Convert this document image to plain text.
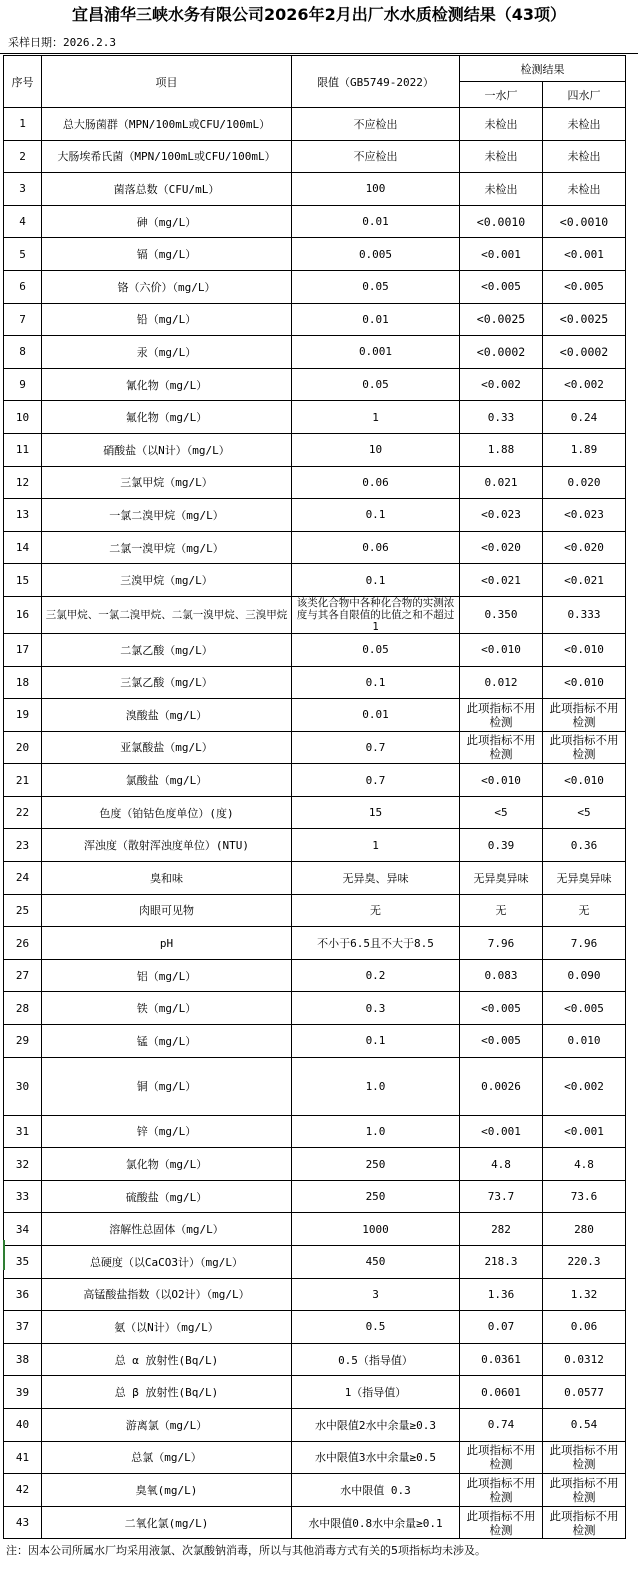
宜昌浦华三峡水务有限公司2026年2月出厂水水质检测结果（43项）
采样日期：2026.2.3
序号	项目	限值（GB5749-2022）	检测结果	
			一水厂	四水厂
1	总大肠菌群（MPN/100mL或CFU/100mL）	不应检出	未检出	未检出
2	大肠埃希氏菌（MPN/100mL或CFU/100mL）	不应检出	未检出	未检出
3	菌落总数（CFU/mL）	100	未检出	未检出
4	砷（mg/L）	0.01	<0.0010	<0.0010
5	镉（mg/L）	0.005	<0.001	<0.001
6	铬（六价）（mg/L）	0.05	<0.005	<0.005
7	铅（mg/L）	0.01	<0.0025	<0.0025
8	汞（mg/L）	0.001	<0.0002	<0.0002
9	氰化物（mg/L）	0.05	<0.002	<0.002
10	氟化物（mg/L）	1	0.33	0.24
11	硝酸盐（以N计）（mg/L）	10	1.88	1.89
12	三氯甲烷（mg/L）	0.06	0.021	0.020
13	一氯二溴甲烷（mg/L）	0.1	<0.023	<0.023
14	二氯一溴甲烷（mg/L）	0.06	<0.020	<0.020
15	三溴甲烷（mg/L）	0.1	<0.021	<0.021
16	三氯甲烷、一氯二溴甲烷、二氯一溴甲烷、三溴甲烷	该类化合物中各种化合物的实测浓度与其各自限值的比值之和不超过1	0.350	0.333
17	二氯乙酸（mg/L）	0.05	<0.010	<0.010
18	三氯乙酸（mg/L）	0.1	0.012	<0.010
19	溴酸盐（mg/L）	0.01	此项指标不用检测	此项指标不用检测
20	亚氯酸盐（mg/L）	0.7	此项指标不用检测	此项指标不用检测
21	氯酸盐（mg/L）	0.7	<0.010	<0.010
22	色度（铂钴色度单位）(度)	15	<5	<5
23	浑浊度（散射浑浊度单位）(NTU)	1	0.39	0.36
24	臭和味	无异臭、异味	无异臭异味	无异臭异味
25	肉眼可见物	无	无	无
26	pH	不小于6.5且不大于8.5	7.96	7.96
27	铝（mg/L）	0.2	0.083	0.090
28	铁（mg/L）	0.3	<0.005	<0.005
29	锰（mg/L）	0.1	<0.005	0.010
30	铜（mg/L）	1.0	0.0026	<0.002
31	锌（mg/L）	1.0	<0.001	<0.001
32	氯化物（mg/L）	250	4.8	4.8
33	硫酸盐（mg/L）	250	73.7	73.6
34	溶解性总固体（mg/L）	1000	282	280
35	总硬度（以CaCO3计）（mg/L）	450	218.3	220.3
36	高锰酸盐指数（以O2计）（mg/L）	3	1.36	1.32
37	氨（以N计）（mg/L）	0.5	0.07	0.06
38	总 α 放射性(Bq/L)	0.5（指导值）	0.0361	0.0312
39	总 β 放射性(Bq/L)	1（指导值）	0.0601	0.0577
40	游离氯（mg/L）	水中限值2水中余量≥0.3	0.74	0.54
41	总氯（mg/L）	水中限值3水中余量≥0.5	此项指标不用检测	此项指标不用检测
42	臭氧(mg/L)	水中限值 0.3	此项指标不用检测	此项指标不用检测
43	二氧化氯(mg/L)	水中限值0.8水中余量≥0.1	此项指标不用检测	此项指标不用检测
注：因本公司所属水厂均采用液氯、次氯酸钠消毒，所以与其他消毒方式有关的5项指标均未涉及。
